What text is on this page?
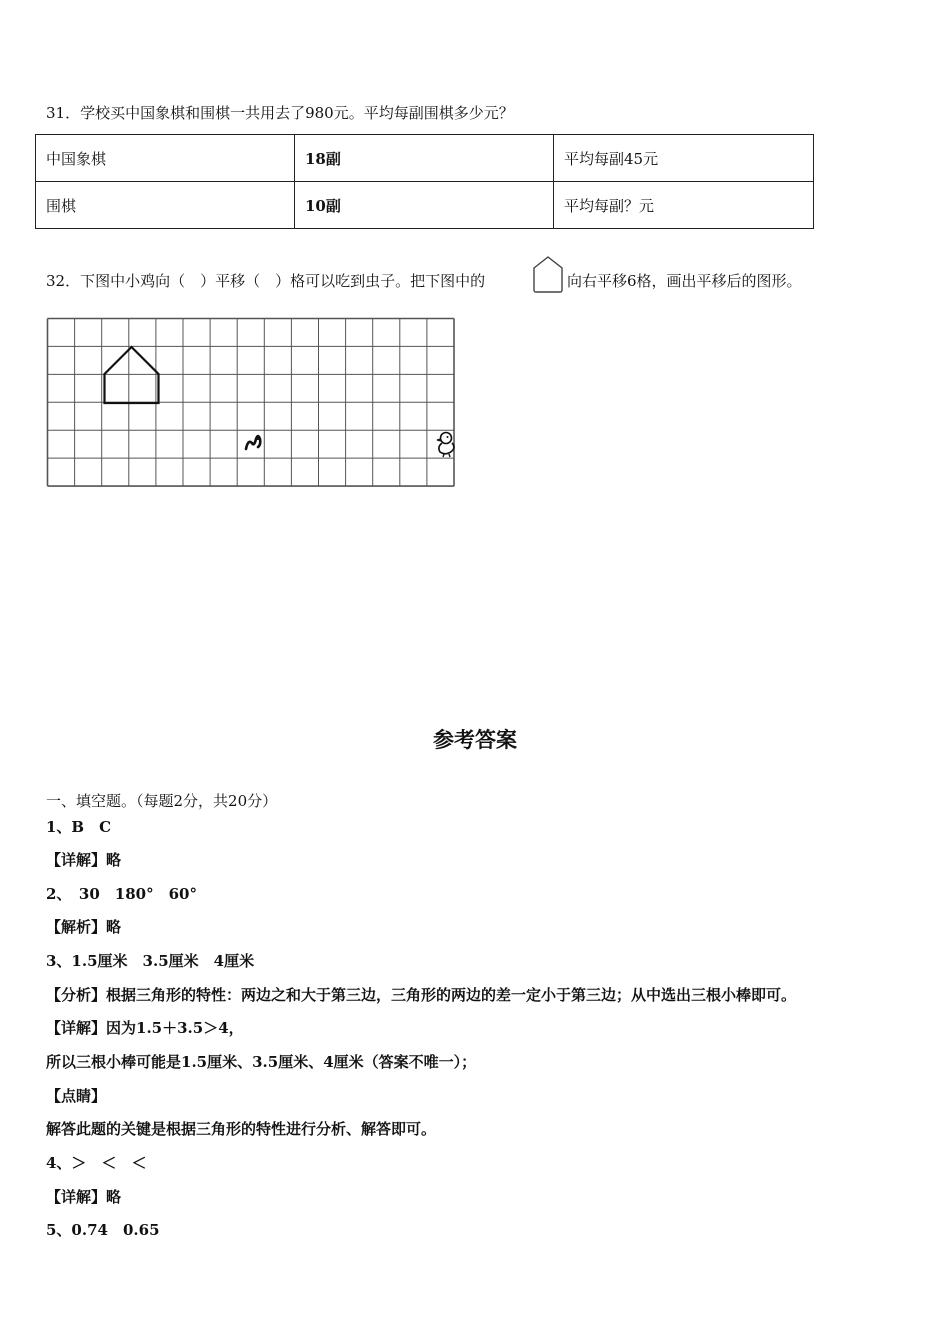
31．学校买中国象棋和围棋一共用去了980元。平均每副围棋多少元？
中国象棋	18副	平均每副45元
围棋	10副	平均每副？元
32．下图中小鸡向（　）平移（　）格可以吃到虫子。把下图中的	向右平移6格，画出平移后的图形。
参考答案
一、填空题。（每题2分，共20分）
1、B　C
【详解】略
2、　30　180°　60°
【解析】略
3、1.5厘米　3.5厘米　4厘米
【分析】根据三角形的特性：两边之和大于第三边，三角形的两边的差一定小于第三边；从中选出三根小棒即可。
【详解】因为1.5＋3.5＞4，
所以三根小棒可能是1.5厘米、3.5厘米、4厘米（答案不唯一）；
【点睛】
解答此题的关键是根据三角形的特性进行分析、解答即可。
4、＞　＜　＜
【详解】略
5、0.74　0.65
